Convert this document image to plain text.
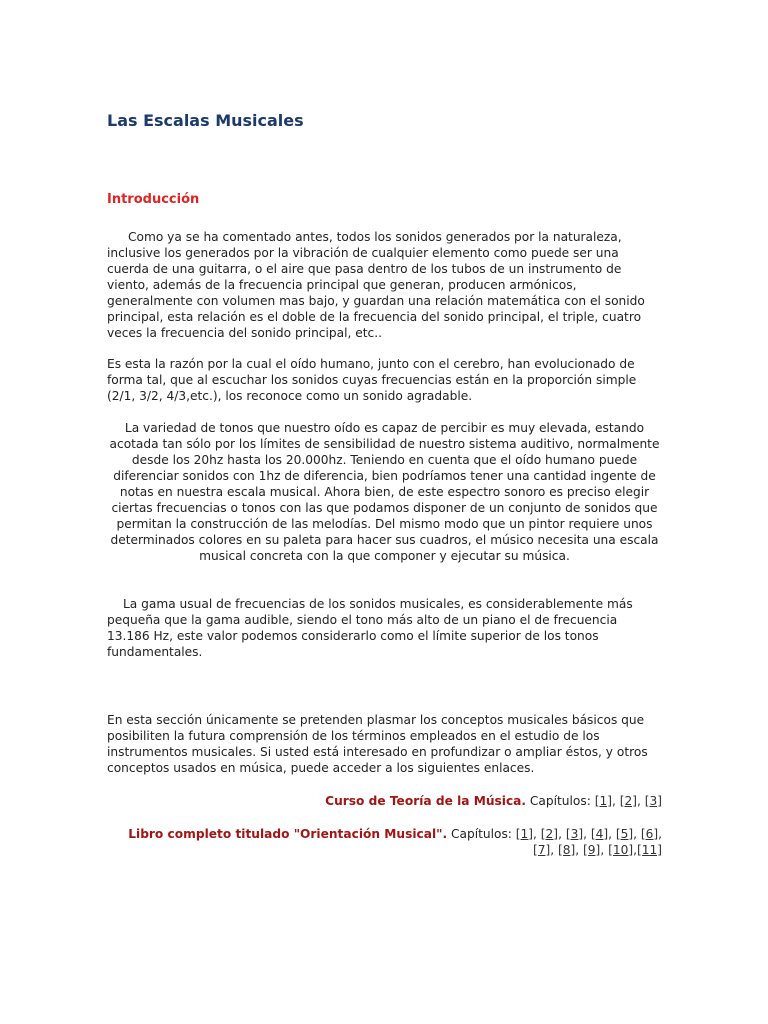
Las Escalas Musicales
Introducción

Como ya se ha comentado antes, todos los sonidos generados por la naturaleza, inclusive los generados por la vibración de cualquier elemento como puede ser una cuerda de una guitarra, o el aire que pasa dentro de los tubos de un instrumento de viento, además de la frecuencia principal que generan, producen armónicos, generalmente con volumen mas bajo, y guardan una relación matemática con el sonido principal, esta relación es el doble de la frecuencia del sonido principal, el triple, cuatro veces la frecuencia del sonido principal, etc..

Es esta la razón por la cual el oído humano, junto con el cerebro, han evolucionado de forma tal, que al escuchar los sonidos cuyas frecuencias están en la proporción simple (2/1, 3/2, 4/3,etc.), los reconoce como un sonido agradable.

La variedad de tonos que nuestro oído es capaz de percibir es muy elevada, estando acotada tan sólo por los límites de sensibilidad de nuestro sistema auditivo, normalmente desde los 20hz hasta los 20.000hz. Teniendo en cuenta que el oído humano puede diferenciar sonidos con 1hz de diferencia, bien podríamos tener una cantidad ingente de notas en nuestra escala musical. Ahora bien, de este espectro sonoro es preciso elegir ciertas frecuencias o tonos con las que podamos disponer de un conjunto de sonidos que permitan la construcción de las melodías. Del mismo modo que un pintor requiere unos determinados colores en su paleta para hacer sus cuadros, el músico necesita una escala musical concreta con la que componer y ejecutar su música.

La gama usual de frecuencias de los sonidos musicales, es considerablemente más pequeña que la gama audible, siendo el tono más alto de un piano el de frecuencia 13.186 Hz, este valor podemos considerarlo como el límite superior de los tonos fundamentales.

En esta sección únicamente se pretenden plasmar los conceptos musicales básicos que posibiliten la futura comprensión de los términos empleados en el estudio de los instrumentos musicales. Si usted está interesado en profundizar o ampliar éstos, y otros conceptos usados en música, puede acceder a los siguientes enlaces.

Curso de Teoría de la Música. Capítulos: [1], [2], [3]

Libro completo titulado "Orientación Musical". Capítulos: [1], [2], [3], [4], [5], [6], [7], [8], [9], [10],[11]
